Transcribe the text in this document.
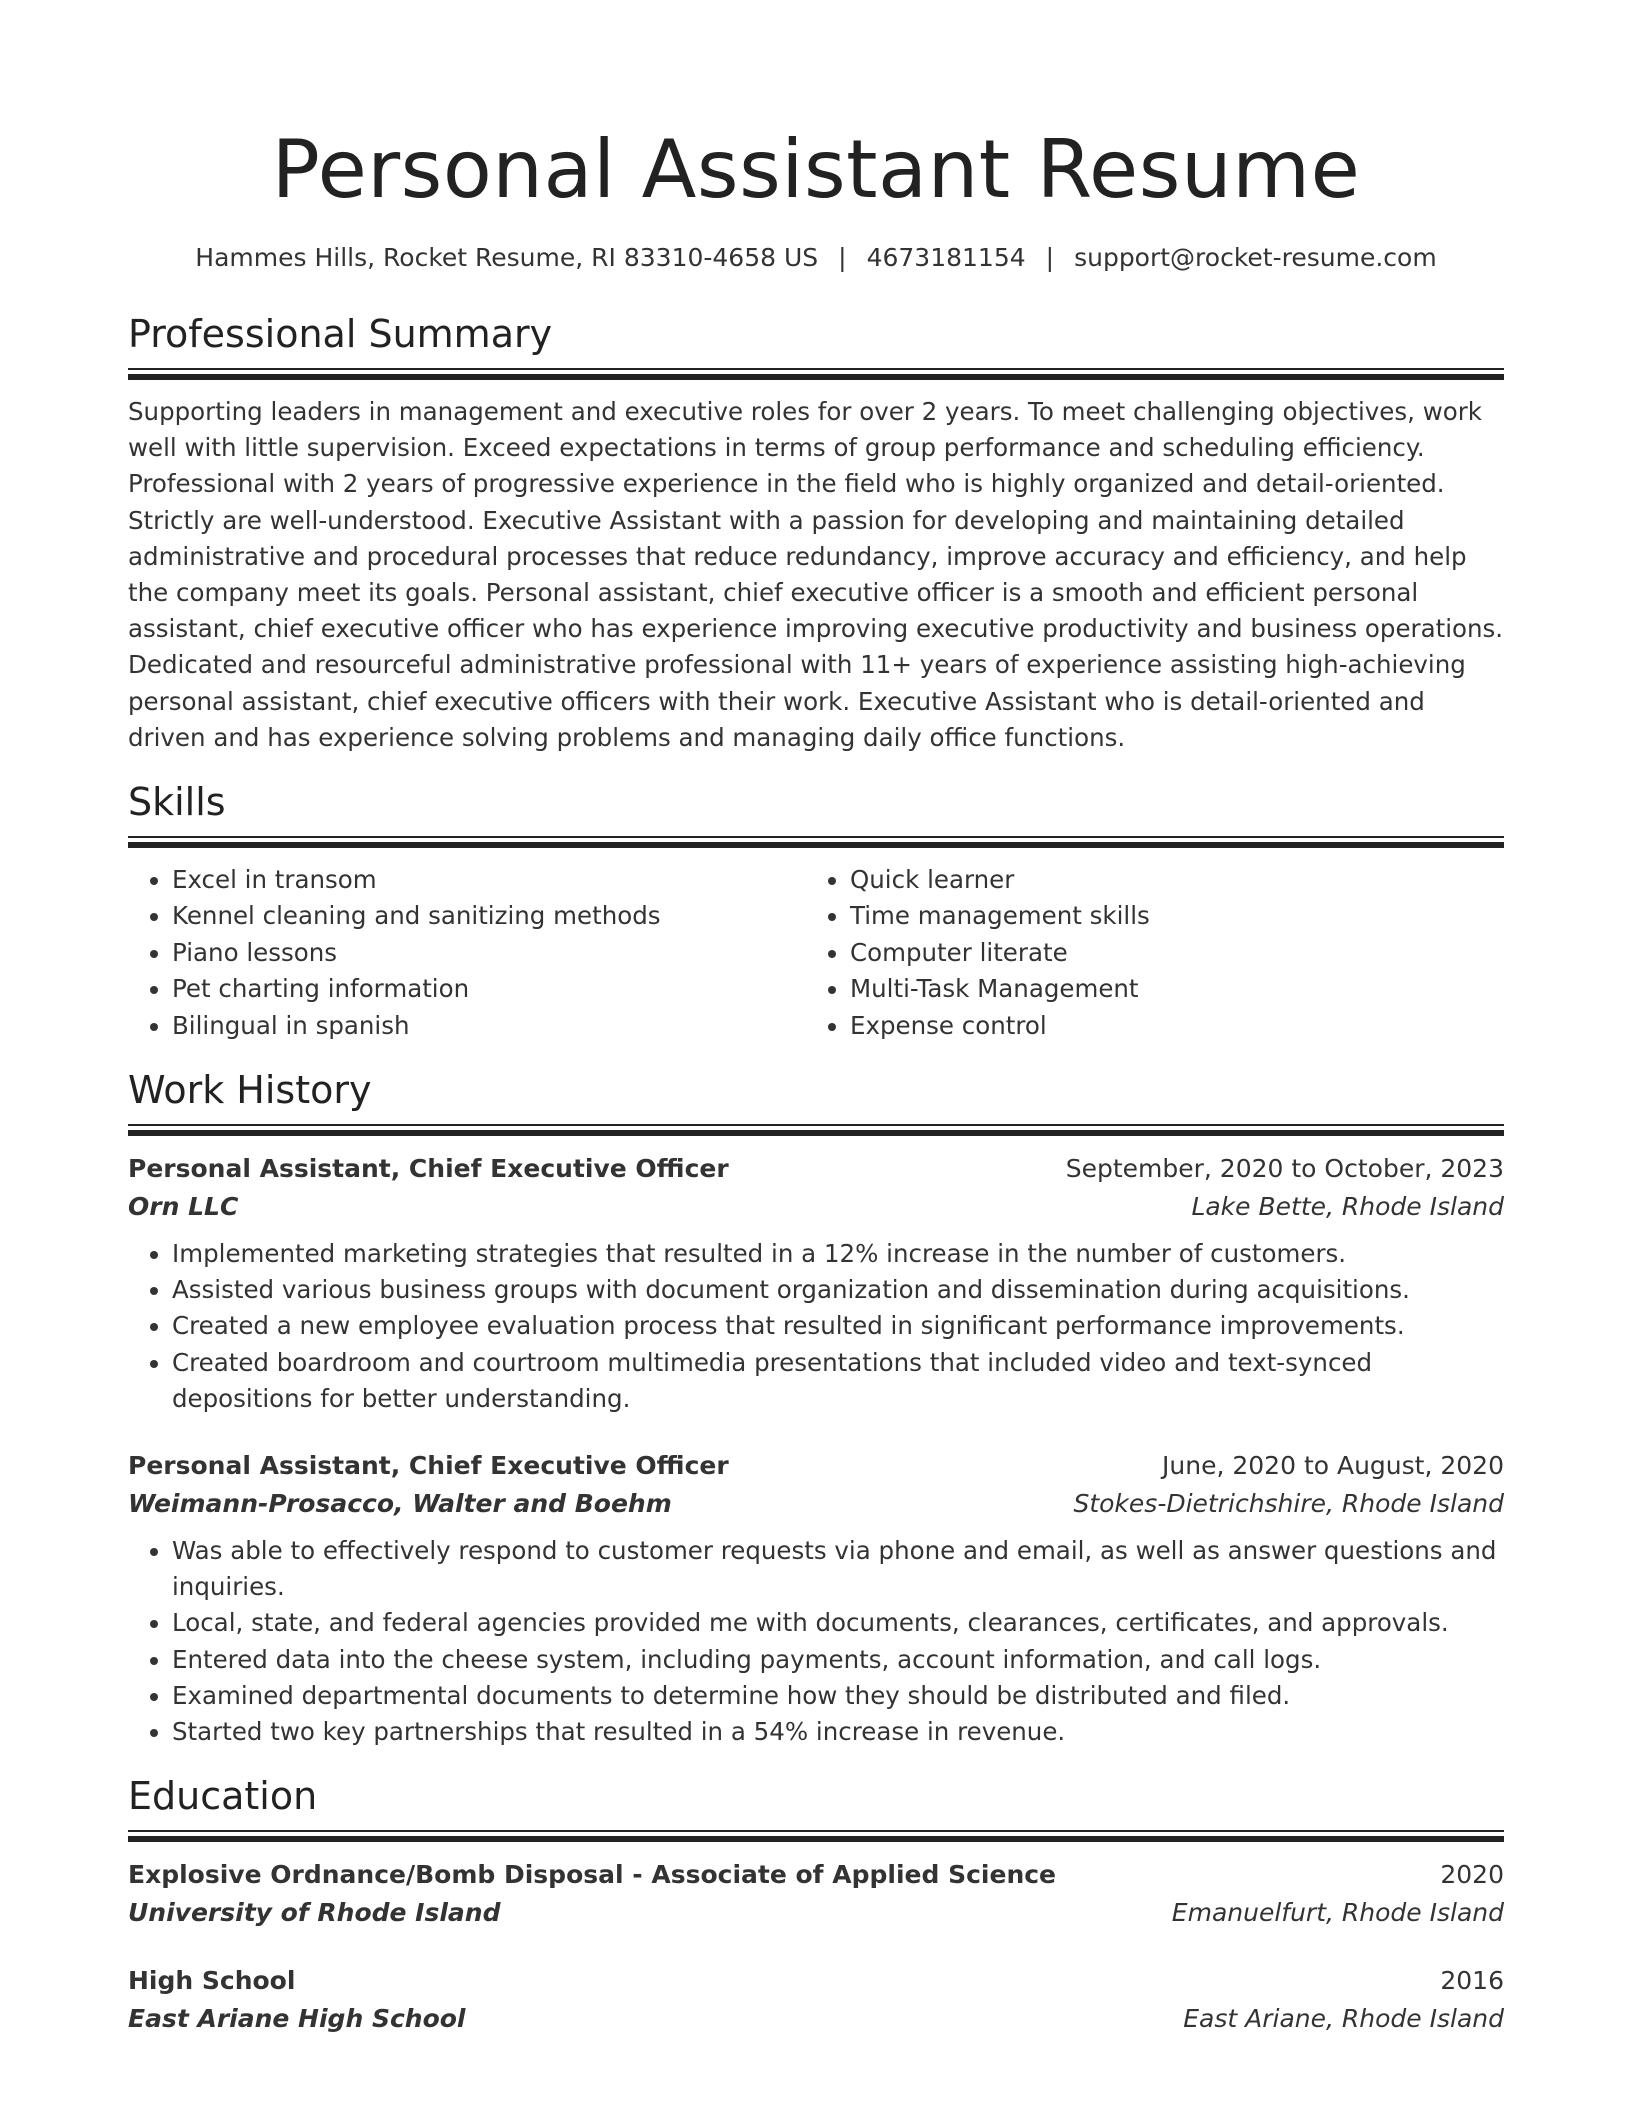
Personal Assistant Resume
Hammes Hills, Rocket Resume, RI 83310-4658 US | 4673181154 | support@rocket-resume.com
Professional Summary

Supporting leaders in management and executive roles for over 2 years. To meet challenging objectives, work well with little supervision. Exceed expectations in terms of group performance and scheduling efficiency. Professional with 2 years of progressive experience in the field who is highly organized and detail-oriented. Strictly are well-understood. Executive Assistant with a passion for developing and maintaining detailed administrative and procedural processes that reduce redundancy, improve accuracy and efficiency, and help the company meet its goals. Personal assistant, chief executive officer is a smooth and efficient personal assistant, chief executive officer who has experience improving executive productivity and business operations. Dedicated and resourceful administrative professional with 11+ years of experience assisting high-achieving personal assistant, chief executive officers with their work. Executive Assistant who is detail-oriented and driven and has experience solving problems and managing daily office functions.

Skills
• Excel in transom
• Kennel cleaning and sanitizing methods
• Piano lessons
• Pet charting information
• Bilingual in spanish
• Quick learner
• Time management skills
• Computer literate
• Multi-Task Management
• Expense control
Work History
Personal Assistant, Chief Executive Officer	September, 2020 to October, 2023
Orn LLC	Lake Bette, Rhode Island
• Implemented marketing strategies that resulted in a 12% increase in the number of customers.
• Assisted various business groups with document organization and dissemination during acquisitions.
• Created a new employee evaluation process that resulted in significant performance improvements.
• Created boardroom and courtroom multimedia presentations that included video and text-synced depositions for better understanding.
Personal Assistant, Chief Executive Officer	June, 2020 to August, 2020
Weimann-Prosacco, Walter and Boehm	Stokes-Dietrichshire, Rhode Island
• Was able to effectively respond to customer requests via phone and email, as well as answer questions and inquiries.
• Local, state, and federal agencies provided me with documents, clearances, certificates, and approvals.
• Entered data into the cheese system, including payments, account information, and call logs.
• Examined departmental documents to determine how they should be distributed and filed.
• Started two key partnerships that resulted in a 54% increase in revenue.
Education
Explosive Ordnance/Bomb Disposal - Associate of Applied Science	2020
University of Rhode Island	Emanuelfurt, Rhode Island
High School	2016
East Ariane High School	East Ariane, Rhode Island
